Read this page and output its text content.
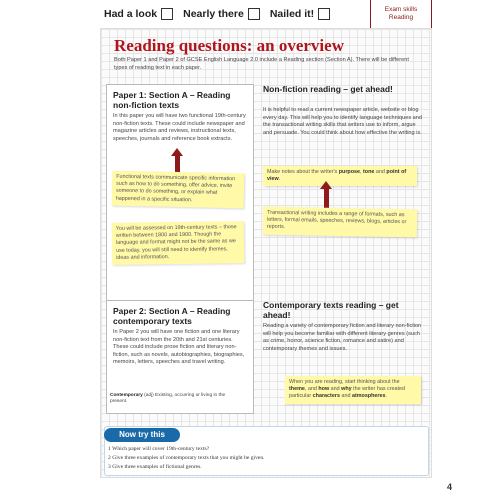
Had a look Nearly there Nailed it!	Exam skills
Reading
Reading questions: an overview
Both Paper 1 and Paper 2 of GCSE English Language 2.0 include a Reading section (Section A). There will be different types of reading text in each paper.
Paper 1: Section A – Reading non-fiction texts
In this paper you will have two functional 19th-century non-fiction texts. These could include newspaper and magazine articles and reviews, instructional texts, speeches, journals and reference book extracts.
Functional texts communicate specific information such as how to do something, offer advice, invite someone to do something, or explain what happened in a specific situation.
You will be assessed on 19th-century texts – those written between 1800 and 1900. Though the language and format might not be the same as we use today, you will still need to identify themes, ideas and information.
Non-fiction reading – get ahead!
It is helpful to read a current newspaper article, website or blog every day. This will help you to identify language techniques and the transactional writing skills that writers use to inform, argue and persuade. You could think about how effective the writing is.
Make notes about the writer's purpose, tone and point of view.
Transactional writing includes a range of formats, such as letters, formal emails, speeches, reviews, blogs, articles or reports.
Paper 2: Section A – Reading contemporary texts
In Paper 2 you will have one fiction and one literary non-fiction text from the 20th and 21st centuries. These could include prose fiction and literary non-fiction, such as novels, autobiographies, biographies, memoirs, letters, speeches and travel writing.
Contemporary (adj) Existing, occurring or living in the present.
Contemporary texts reading – get ahead!
Reading a variety of contemporary fiction and literary non-fiction will help you become familiar with different literary genres (such as crime, horror, science fiction, romance and satire) and contemporary themes and issues.
When you are reading, start thinking about the theme, and how and why the writer has created particular characters and atmospheres.
Now try this
1 Which paper will cover 19th-century texts?
2 Give three examples of contemporary texts that you might be given.
3 Give three examples of fictional genres.
4
